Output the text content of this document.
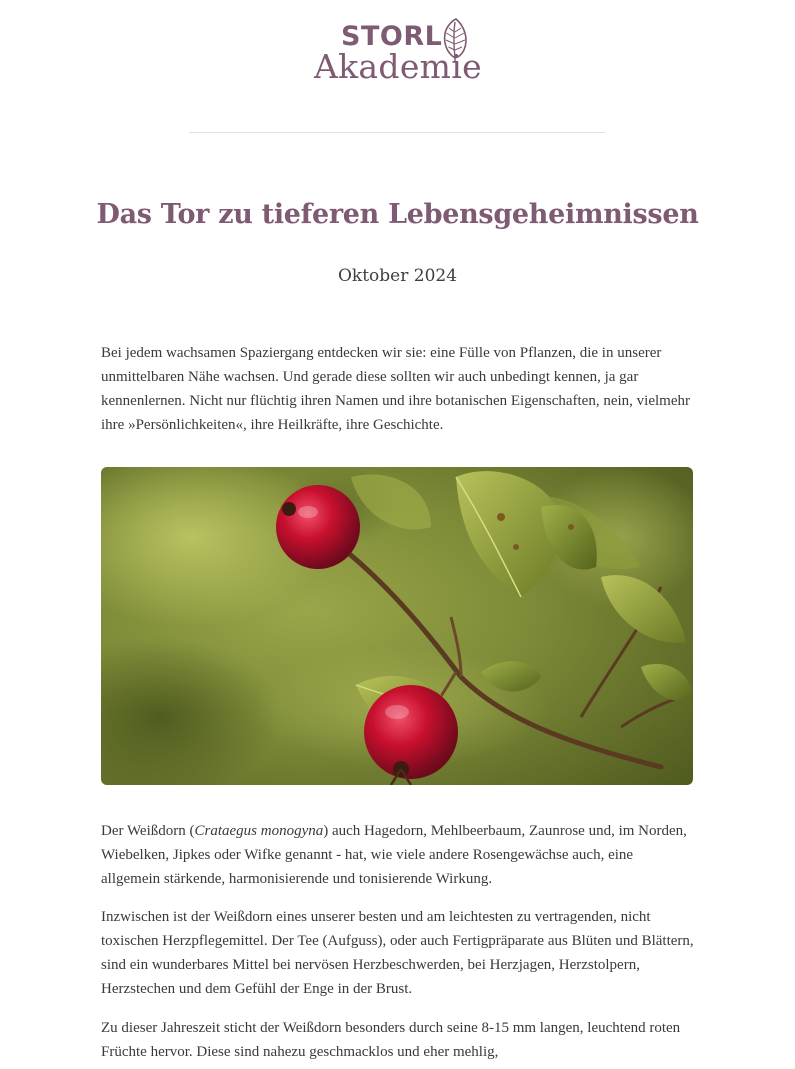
STORL
Akademie
Das Tor zu tieferen Lebensgeheimnissen
Oktober 2024

Bei jedem wachsamen Spaziergang entdecken wir sie: eine Fülle von Pflanzen, die in unserer unmittelbaren Nähe wachsen. Und gerade diese sollten wir auch unbedingt kennen, ja gar kennenlernen. Nicht nur flüchtig ihren Namen und ihre botanischen Eigenschaften, nein, vielmehr ihre »Persönlichkeiten«, ihre Heilkräfte, ihre Geschichte.

Der Weißdorn (Crataegus monogyna) auch Hagedorn, Mehlbeerbaum, Zaunrose und, im Norden, Wiebelken, Jipkes oder Wifke genannt - hat, wie viele andere Rosengewächse auch, eine allgemein stärkende, harmonisierende und tonisierende Wirkung.

Inzwischen ist der Weißdorn eines unserer besten und am leichtesten zu vertragenden, nicht toxischen Herzpflegemittel. Der Tee (Aufguss), oder auch Fertigpräparate aus Blüten und Blättern, sind ein wunderbares Mittel bei nervösen Herzbeschwerden, bei Herzjagen, Herzstolpern, Herzstechen und dem Gefühl der Enge in der Brust.

Zu dieser Jahreszeit sticht der Weißdorn besonders durch seine 8-15 mm langen, leuchtend roten Früchte hervor. Diese sind nahezu geschmacklos und eher mehlig,
